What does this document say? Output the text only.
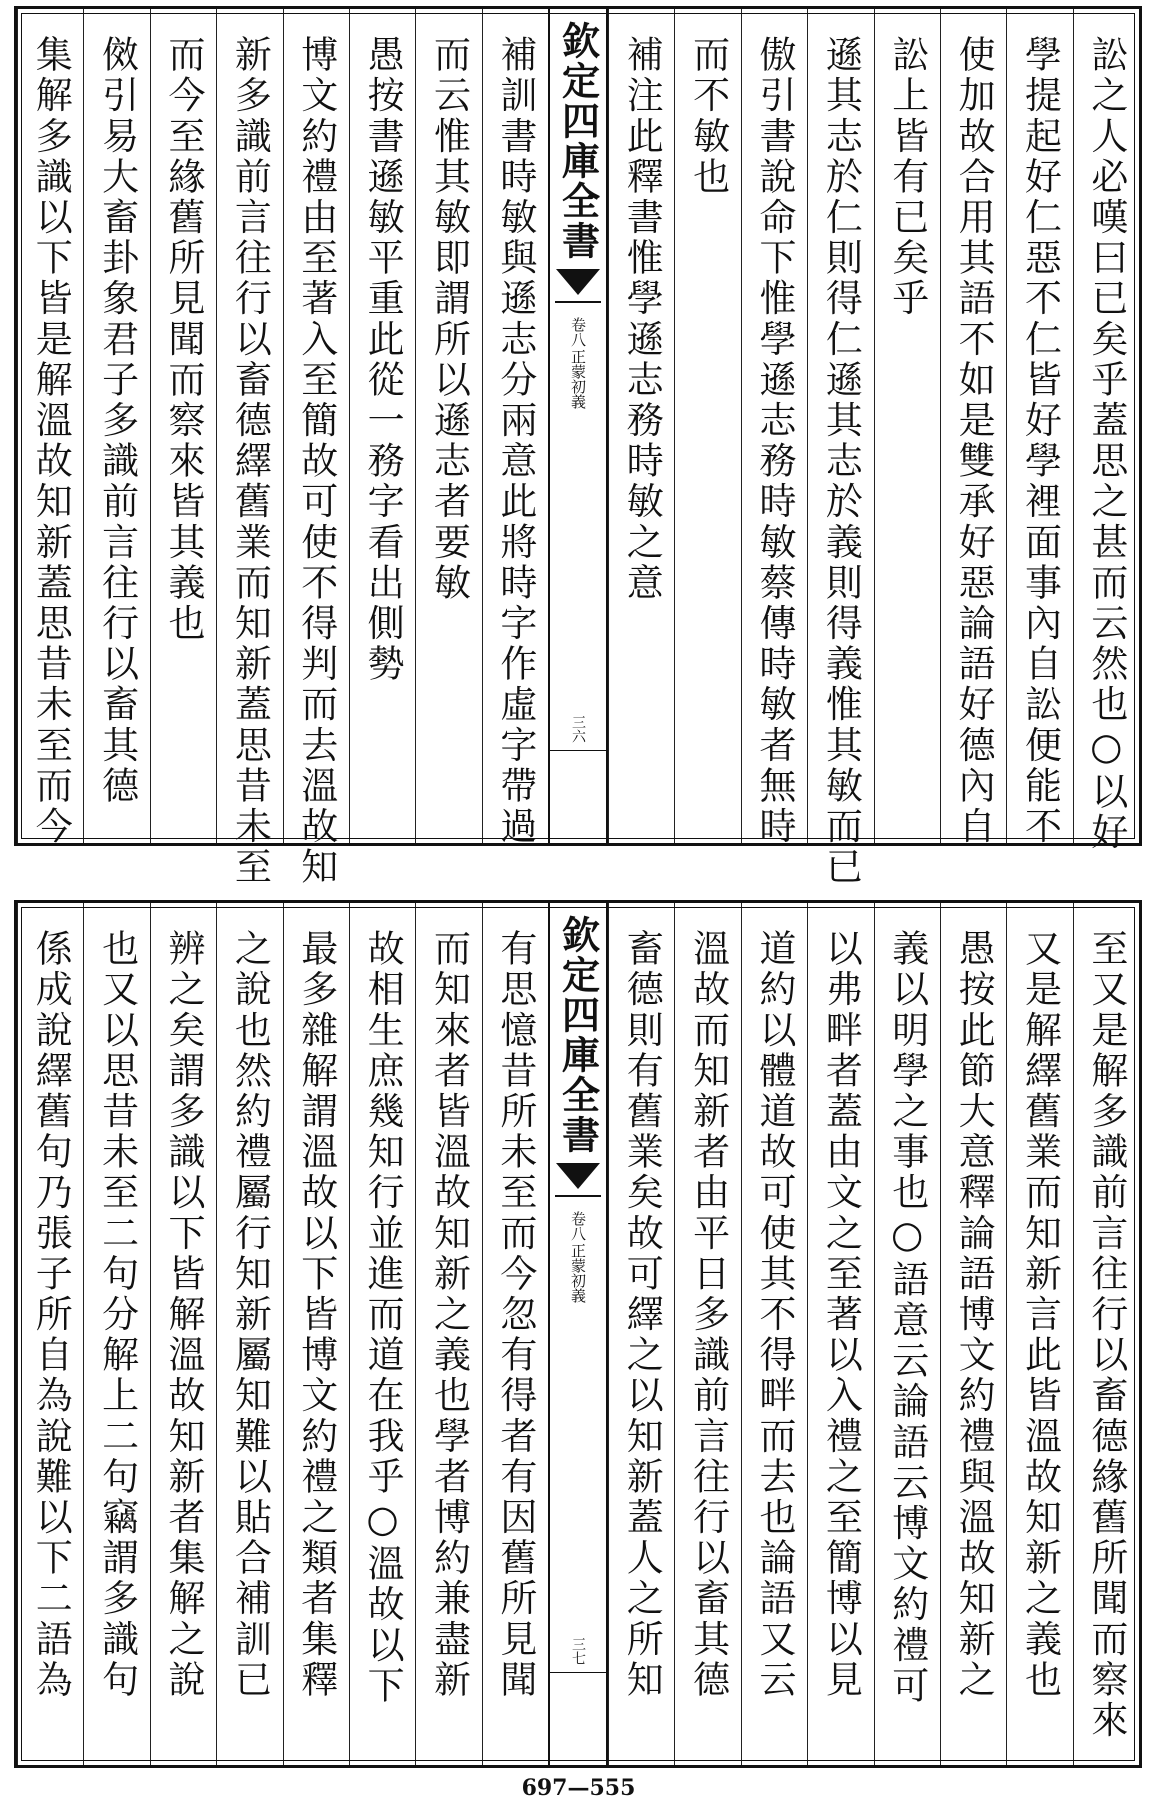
訟之人必嘆曰已矣乎蓋思之甚而云然也○以好
學提起好仁惡不仁皆好學裡面事內自訟便能不
使加故合用其語不如是雙承好惡論語好德內自
訟上皆有已矣乎
遜其志於仁則得仁遜其志於義則得義惟其敏而已
傲引書說命下惟學遜志務時敏蔡傳時敏者無時
而不敏也
補注此釋書惟學遜志務時敏之意
欽定四庫全書
正蒙初義
卷八
三六
補訓書時敏與遜志分兩意此將時字作虛字帶過
而云惟其敏即謂所以遜志者要敏
愚按書遜敏平重此從一務字看出側勢
博文約禮由至著入至簡故可使不得判而去溫故知
新多識前言往行以畜德繹舊業而知新蓋思昔未至
而今至緣舊所見聞而察來皆其義也
傚引易大畜卦象君子多識前言往行以畜其德
集解多識以下皆是解溫故知新蓋思昔未至而今
至又是解多識前言往行以畜德緣舊所聞而察來
又是解繹舊業而知新言此皆溫故知新之義也
愚按此節大意釋論語博文約禮與溫故知新之
義以明學之事也○語意云論語云博文約禮可
以弗畔者蓋由文之至著以入禮之至簡博以見
道約以體道故可使其不得畔而去也論語又云
溫故而知新者由平日多識前言往行以畜其德
畜德則有舊業矣故可繹之以知新蓋人之所知
欽定四庫全書
正蒙初義
卷八
三七
有思憶昔所未至而今忽有得者有因舊所見聞
而知來者皆溫故知新之義也學者博約兼盡新
故相生庶幾知行並進而道在我乎○溫故以下
最多雜解謂溫故以下皆博文約禮之類者集釋
之說也然約禮屬行知新屬知難以貼合補訓已
辨之矣謂多識以下皆解溫故知新者集解之說
也又以思昔未至二句分解上二句竊謂多識句
係成說繹舊句乃張子所自為說難以下二語為
697—555
